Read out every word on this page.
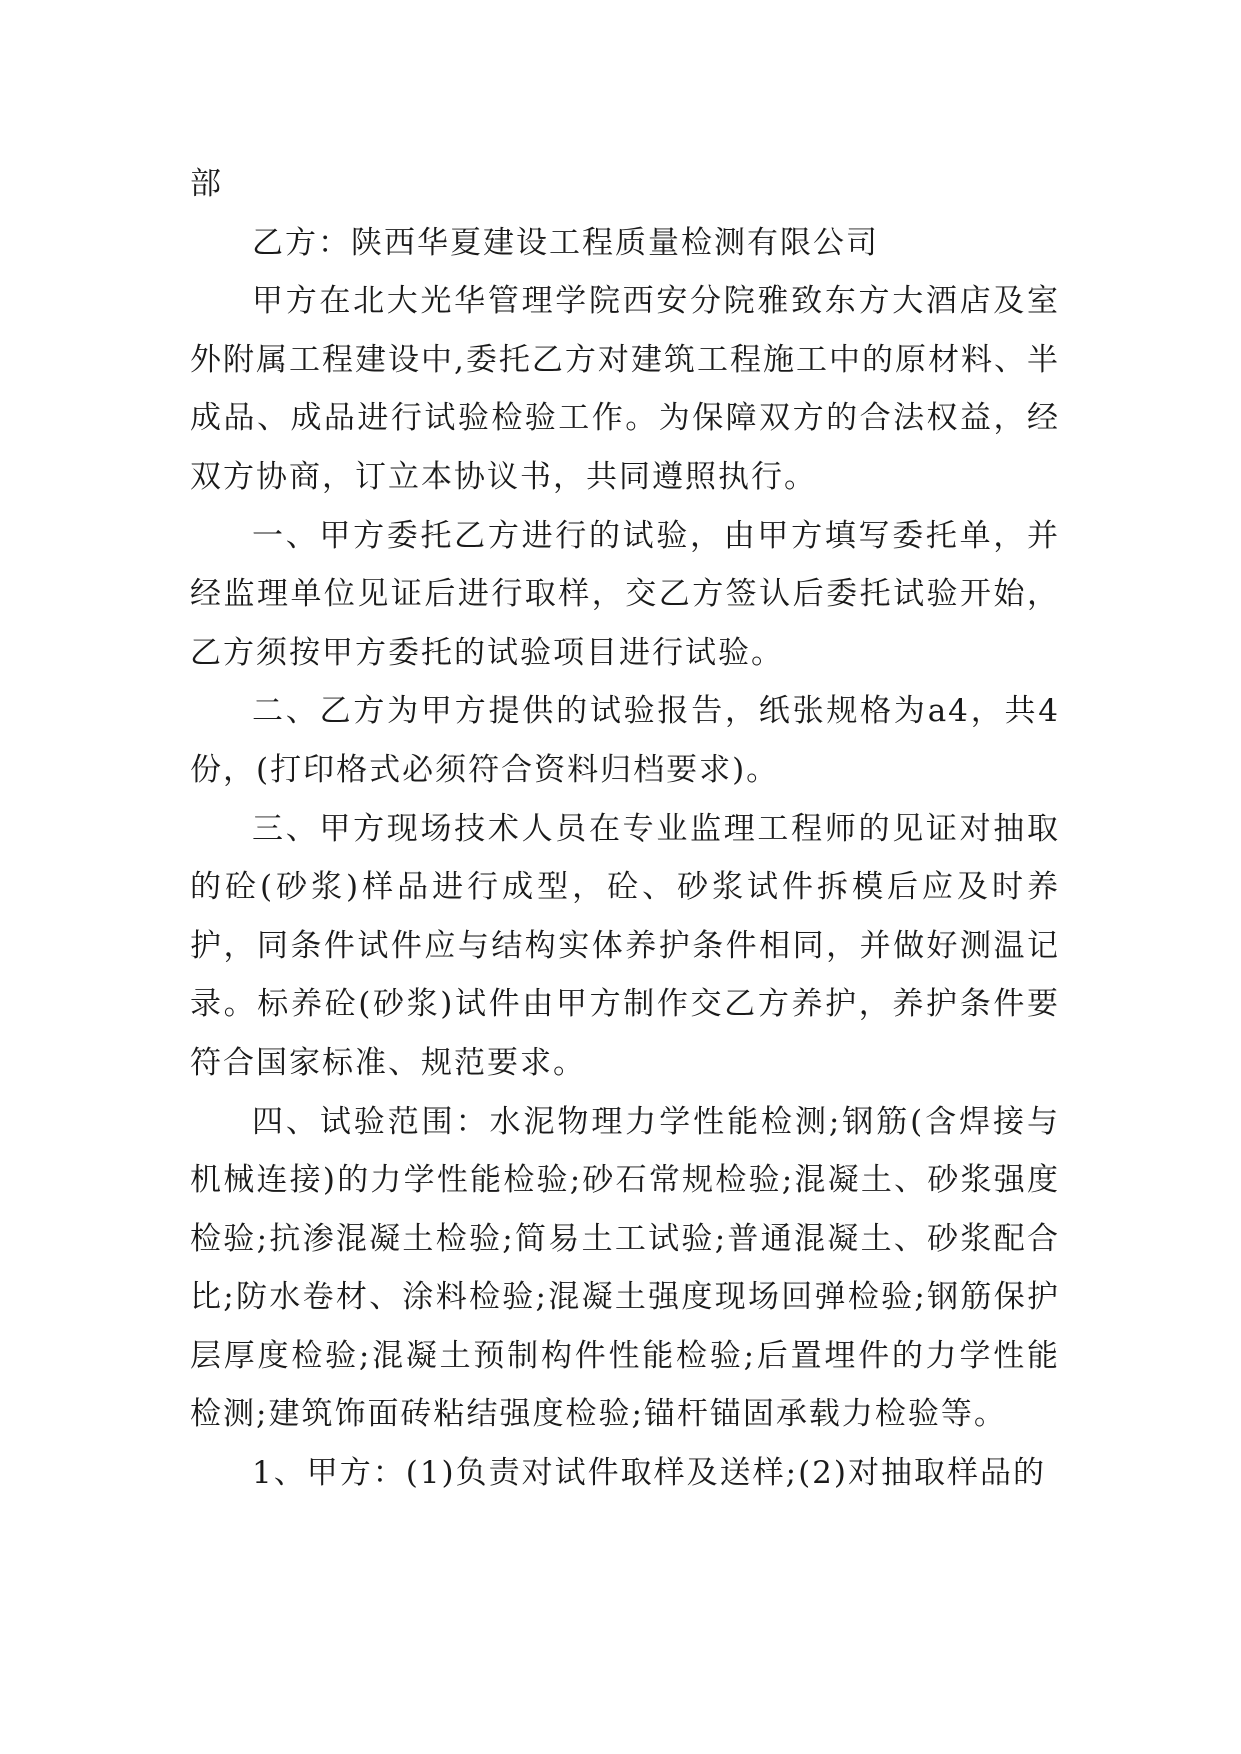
部

乙方：陕西华夏建设工程质量检测有限公司

甲方在北大光华管理学院西安分院雅致东方大酒店及室外附属工程建设中,委托乙方对建筑工程施工中的原材料、半成品、成品进行试验检验工作。为保障双方的合法权益，经双方协商，订立本协议书，共同遵照执行。

一、甲方委托乙方进行的试验，由甲方填写委托单，并经监理单位见证后进行取样，交乙方签认后委托试验开始，乙方须按甲方委托的试验项目进行试验。

二、乙方为甲方提供的试验报告，纸张规格为a4，共4份，(打印格式必须符合资料归档要求)。

三、甲方现场技术人员在专业监理工程师的见证对抽取的砼(砂浆)样品进行成型，砼、砂浆试件拆模后应及时养护，同条件试件应与结构实体养护条件相同，并做好测温记录。标养砼(砂浆)试件由甲方制作交乙方养护，养护条件要符合国家标准、规范要求。

四、试验范围：水泥物理力学性能检测;钢筋(含焊接与机械连接)的力学性能检验;砂石常规检验;混凝土、砂浆强度检验;抗渗混凝土检验;简易土工试验;普通混凝土、砂浆配合比;防水卷材、涂料检验;混凝土强度现场回弹检验;钢筋保护层厚度检验;混凝土预制构件性能检验;后置埋件的力学性能检测;建筑饰面砖粘结强度检验;锚杆锚固承载力检验等。

1、甲方：(1)负责对试件取样及送样;(2)对抽取样品的
